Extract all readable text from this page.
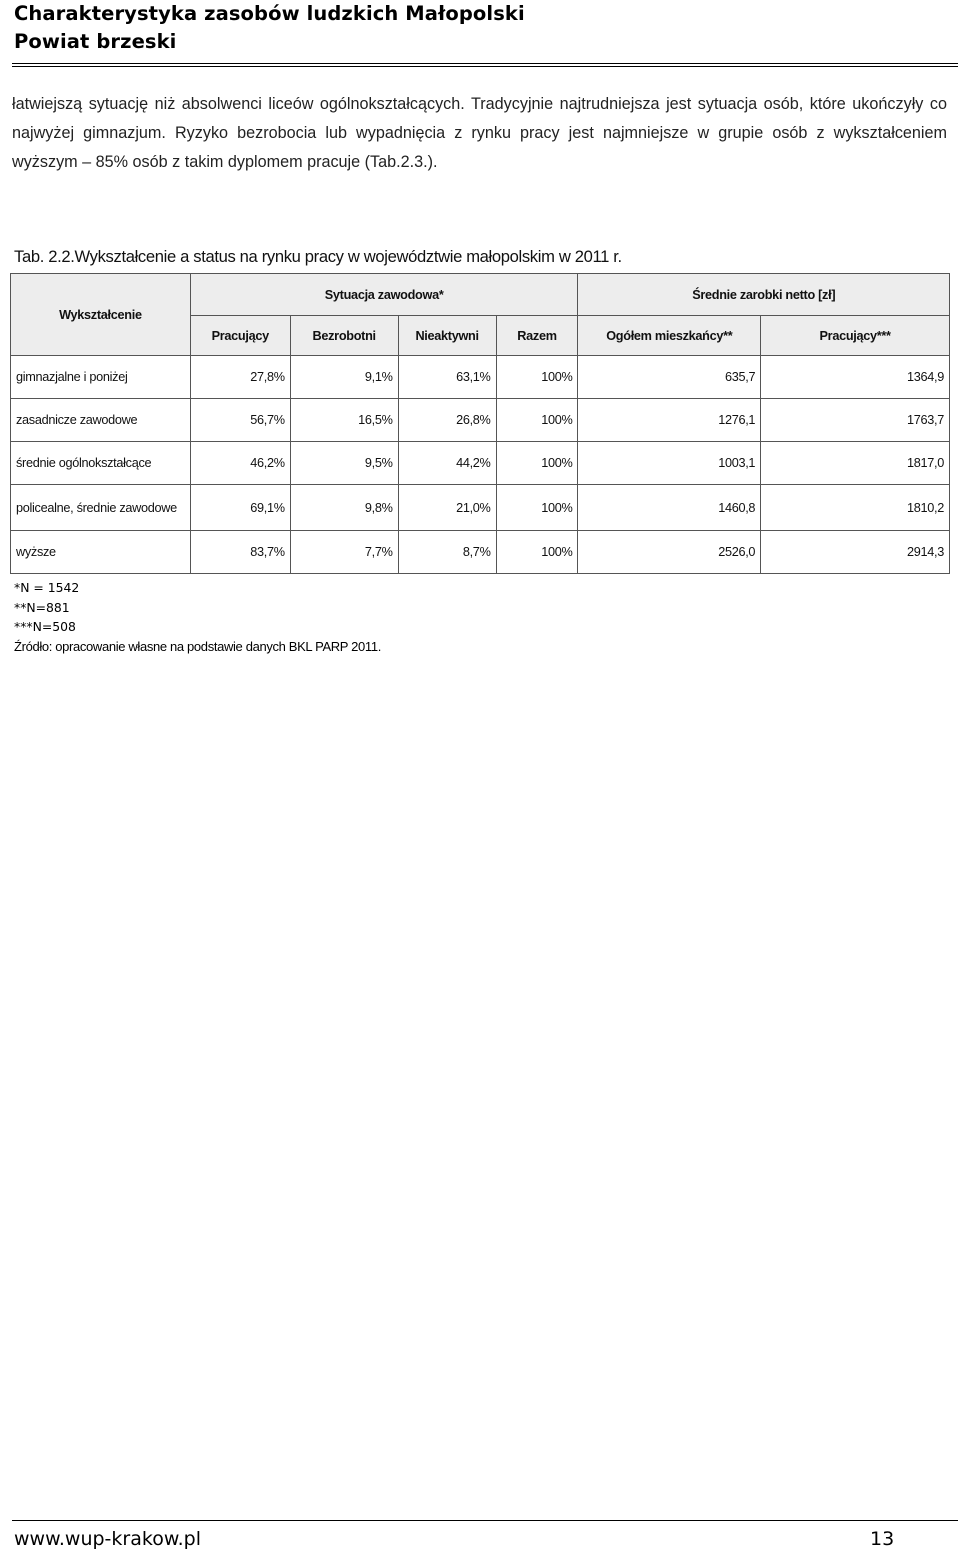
Charakterystyka zasobów ludzkich Małopolski
Powiat brzeski

łatwiejszą sytuację niż absolwenci liceów ogólnokształcących. Tradycyjnie najtrudniejsza jest sytuacja osób, które ukończyły co najwyżej gimnazjum. Ryzyko bezrobocia lub wypadnięcia z rynku pracy jest najmniejsze w grupie osób z wykształceniem wyższym – 85% osób z takim dyplomem pracuje (Tab.2.3.).

Tab. 2.2.Wykształcenie a status na rynku pracy w województwie małopolskim w 2011 r.
Wykształcenie	Sytuacja zawodowa*				Średnie zarobki netto [zł]	
	Pracujący	Bezrobotni	Nieaktywni	Razem	Ogółem mieszkańcy**	Pracujący***
gimnazjalne i poniżej	27,8%	9,1%	63,1%	100%	635,7	1364,9
zasadnicze zawodowe	56,7%	16,5%	26,8%	100%	1276,1	1763,7
średnie ogólnokształcące	46,2%	9,5%	44,2%	100%	1003,1	1817,0
policealne, średnie zawodowe	69,1%	9,8%	21,0%	100%	1460,8	1810,2
wyższe	83,7%	7,7%	8,7%	100%	2526,0	2914,3
*N = 1542
**N=881
***N=508
Źródło: opracowanie własne na podstawie danych BKL PARP 2011.
www.wup-krakow.pl	13
